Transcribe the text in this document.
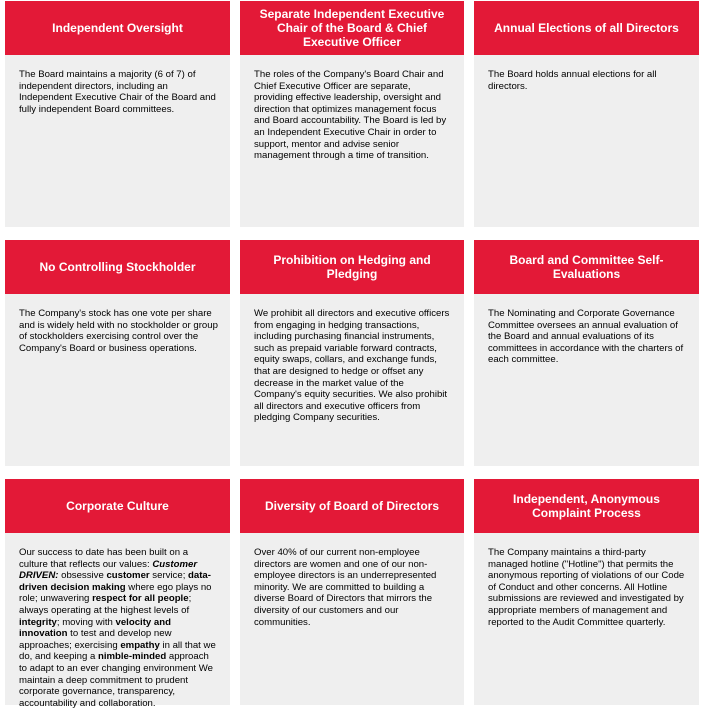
Independent Oversight
The Board maintains a majority (6 of 7) of independent directors, including an Independent Executive Chair of the Board and fully independent Board committees.
Separate Independent Executive Chair of the Board & Chief Executive Officer
The roles of the Company's Board Chair and Chief Executive Officer are separate, providing effective leadership, oversight and direction that optimizes management focus and Board accountability. The Board is led by an Independent Executive Chair in order to support, mentor and advise senior management through a time of transition.
Annual Elections of all Directors
The Board holds annual elections for all directors.
No Controlling Stockholder
The Company's stock has one vote per share and is widely held with no stockholder or group of stockholders exercising control over the Company's Board or business operations.
Prohibition on Hedging and Pledging
We prohibit all directors and executive officers from engaging in hedging transactions, including purchasing financial instruments, such as prepaid variable forward contracts, equity swaps, collars, and exchange funds, that are designed to hedge or offset any decrease in the market value of the Company's equity securities. We also prohibit all directors and executive officers from pledging Company securities.
Board and Committee Self-Evaluations
The Nominating and Corporate Governance Committee oversees an annual evaluation of the Board and annual evaluations of its committees in accordance with the charters of each committee.
Corporate Culture
Our success to date has been built on a culture that reflects our values: Customer DRIVEN: obsessive customer service; data-driven decision making where ego plays no role; unwavering respect for all people; always operating at the highest levels of integrity; moving with velocity and innovation to test and develop new approaches; exercising empathy in all that we do, and keeping a nimble-minded approach to adapt to an ever changing environment We maintain a deep commitment to prudent corporate governance, transparency, accountability and collaboration.
Diversity of Board of Directors
Over 40% of our current non-employee directors are women and one of our non-employee directors is an underrepresented minority. We are committed to building a diverse Board of Directors that mirrors the diversity of our customers and our communities.
Independent, Anonymous Complaint Process
The Company maintains a third-party managed hotline ("Hotline") that permits the anonymous reporting of violations of our Code of Conduct and other concerns. All Hotline submissions are reviewed and investigated by appropriate members of management and reported to the Audit Committee quarterly.
